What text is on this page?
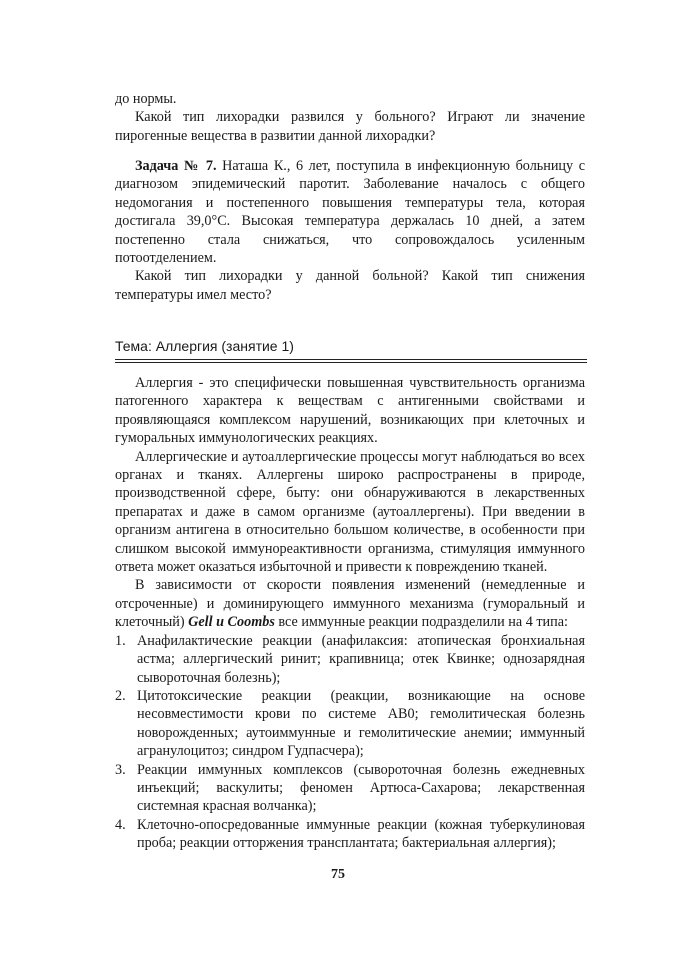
до нормы.

Какой тип лихорадки развился у больного? Играют ли значение пирогенные вещества в развитии данной лихорадки?

Задача № 7. Наташа К., 6 лет, поступила в инфекционную больницу с диагнозом эпидемический паротит. Заболевание началось с общего недомогания и постепенного повышения температуры тела, которая достигала 39,0°С. Высокая температура держалась 10 дней, а затем постепенно стала снижаться, что сопровождалось усиленным потоотделением.

Какой тип лихорадки у данной больной? Какой тип снижения температуры имел место?

Тема: Аллергия (занятие 1)

Аллергия - это специфически повышенная чувствительность организма патогенного характера к веществам с антигенными свойствами и проявляющаяся комплексом нарушений, возникающих при клеточных и гуморальных иммунологических реакциях.

Аллергические и аутоаллергические процессы могут наблюдаться во всех органах и тканях. Аллергены широко распространены в природе, производственной сфере, быту: они обнаруживаются в лекарственных препаратах и даже в самом организме (аутоаллергены). При введении в организм антигена в относительно большом количестве, в особенности при слишком высокой иммунореактивности организма, стимуляция иммунного ответа может оказаться избыточной и привести к повреждению тканей.

В зависимости от скорости появления изменений (немедленные и отсроченные) и доминирующего иммунного механизма (гуморальный и клеточный) Gell и Coombs все иммунные реакции подразделили на 4 типа:

1. Анафилактические реакции (анафилаксия: атопическая бронхиальная астма; аллергический ринит; крапивница; отек Квинке; однозарядная сывороточная болезнь);
2. Цитотоксические реакции (реакции, возникающие на основе несовместимости крови по системе АВ0; гемолитическая болезнь новорожденных; аутоиммунные и гемолитические анемии; иммунный агранулоцитоз; синдром Гудпасчера);
3. Реакции иммунных комплексов (сывороточная болезнь ежедневных инъекций; васкулиты; феномен Артюса-Сахарова; лекарственная системная красная волчанка);
4. Клеточно-опосредованные иммунные реакции (кожная туберкулиновая проба; реакции отторжения трансплантата; бактериальная аллергия);
75
